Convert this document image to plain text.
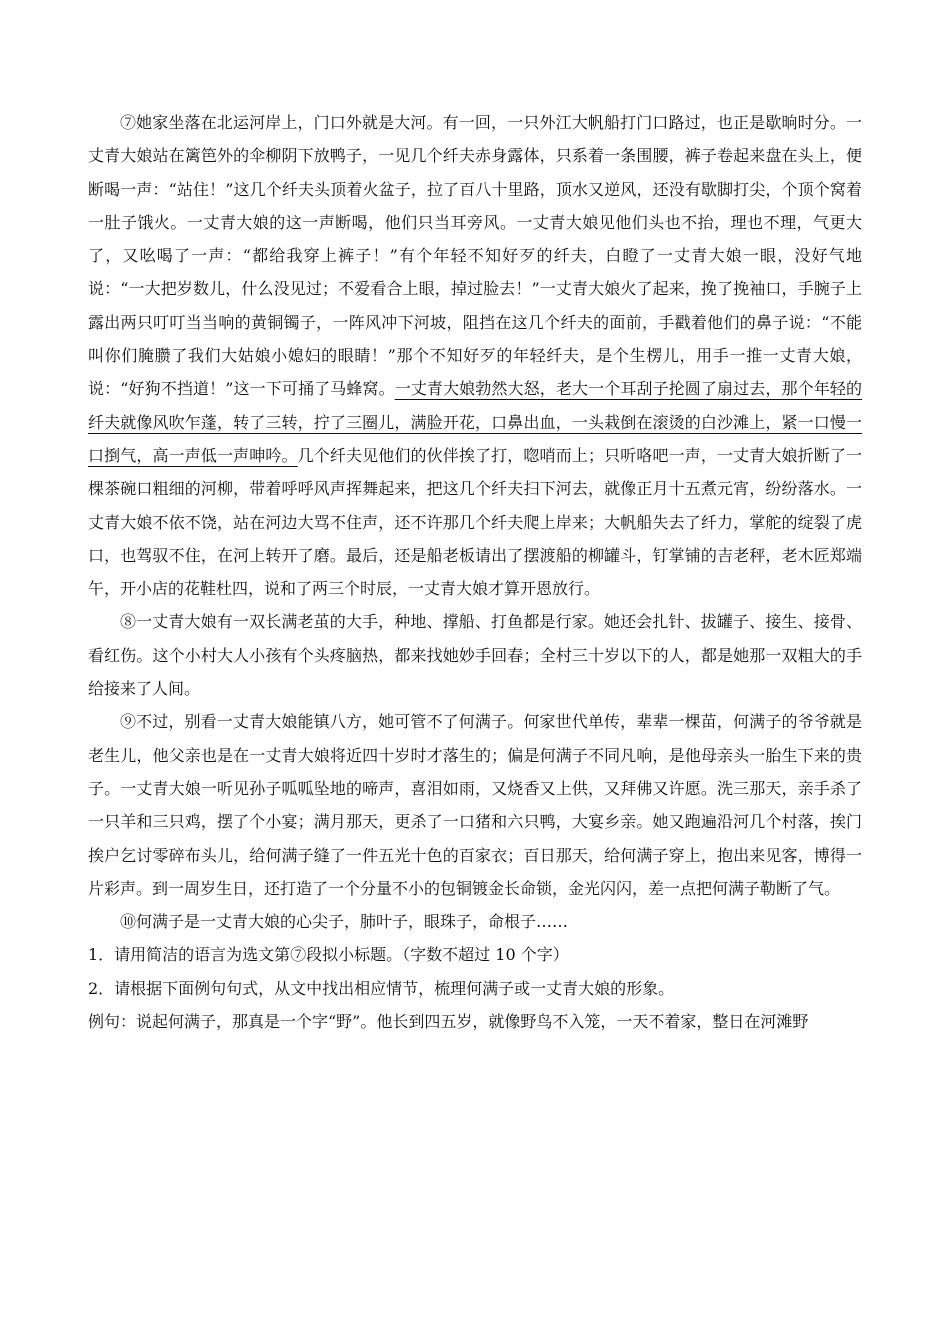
⑦她家坐落在北运河岸上，门口外就是大河。有一回，一只外江大帆船打门口路过，也正是歇晌时分。一丈青大娘站在篱笆外的伞柳阴下放鸭子，一见几个纤夫赤身露体，只系着一条围腰，裤子卷起来盘在头上，便断喝一声：“站住！”这几个纤夫头顶着火盆子，拉了百八十里路，顶水又逆风，还没有歇脚打尖，个顶个窝着一肚子饿火。一丈青大娘的这一声断喝，他们只当耳旁风。一丈青大娘见他们头也不抬，理也不理，气更大了，又吆喝了一声：“都给我穿上裤子！”有个年轻不知好歹的纤夫，白瞪了一丈青大娘一眼，没好气地说：“一大把岁数儿，什么没见过；不爱看合上眼，掉过脸去！”一丈青大娘火了起来，挽了挽袖口，手腕子上露出两只叮叮当当响的黄铜镯子，一阵风冲下河坡，阻挡在这几个纤夫的面前，手戳着他们的鼻子说：“不能叫你们腌臜了我们大姑娘小媳妇的眼睛！”那个不知好歹的年轻纤夫，是个生楞儿，用手一推一丈青大娘，说：“好狗不挡道！”这一下可捅了马蜂窝。一丈青大娘勃然大怒，老大一个耳刮子抡圆了扇过去，那个年轻的纤夫就像风吹乍蓬，转了三转，拧了三圈儿，满脸开花，口鼻出血，一头栽倒在滚烫的白沙滩上，紧一口慢一口捯气，高一声低一声呻吟。几个纤夫见他们的伙伴挨了打，唿哨而上；只听咯吧一声，一丈青大娘折断了一棵茶碗口粗细的河柳，带着呼呼风声挥舞起来，把这几个纤夫扫下河去，就像正月十五煮元宵，纷纷落水。一丈青大娘不依不饶，站在河边大骂不住声，还不许那几个纤夫爬上岸来；大帆船失去了纤力，掌舵的绽裂了虎口，也驾驭不住，在河上转开了磨。最后，还是船老板请出了摆渡船的柳罐斗，钉掌铺的吉老秤，老木匠郑端午，开小店的花鞋杜四，说和了两三个时辰，一丈青大娘才算开恩放行。

⑧一丈青大娘有一双长满老茧的大手，种地、撑船、打鱼都是行家。她还会扎针、拔罐子、接生、接骨、看红伤。这个小村大人小孩有个头疼脑热，都来找她妙手回春；全村三十岁以下的人，都是她那一双粗大的手给接来了人间。

⑨不过，别看一丈青大娘能镇八方，她可管不了何满子。何家世代单传，辈辈一棵苗，何满子的爷爷就是老生儿，他父亲也是在一丈青大娘将近四十岁时才落生的；偏是何满子不同凡响，是他母亲头一胎生下来的贵子。一丈青大娘一听见孙子呱呱坠地的啼声，喜泪如雨，又烧香又上供，又拜佛又许愿。洗三那天，亲手杀了一只羊和三只鸡，摆了个小宴；满月那天，更杀了一口猪和六只鸭，大宴乡亲。她又跑遍沿河几个村落，挨门挨户乞讨零碎布头儿，给何满子缝了一件五光十色的百家衣；百日那天，给何满子穿上，抱出来见客，博得一片彩声。到一周岁生日，还打造了一个分量不小的包铜镀金长命锁，金光闪闪，差一点把何满子勒断了气。

⑩何满子是一丈青大娘的心尖子，肺叶子，眼珠子，命根子……

1．请用简洁的语言为选文第⑦段拟小标题。（字数不超过 10 个字）

2．请根据下面例句句式，从文中找出相应情节，梳理何满子或一丈青大娘的形象。

例句：说起何满子，那真是一个字“野”。他长到四五岁，就像野鸟不入笼，一天不着家，整日在河滩野
